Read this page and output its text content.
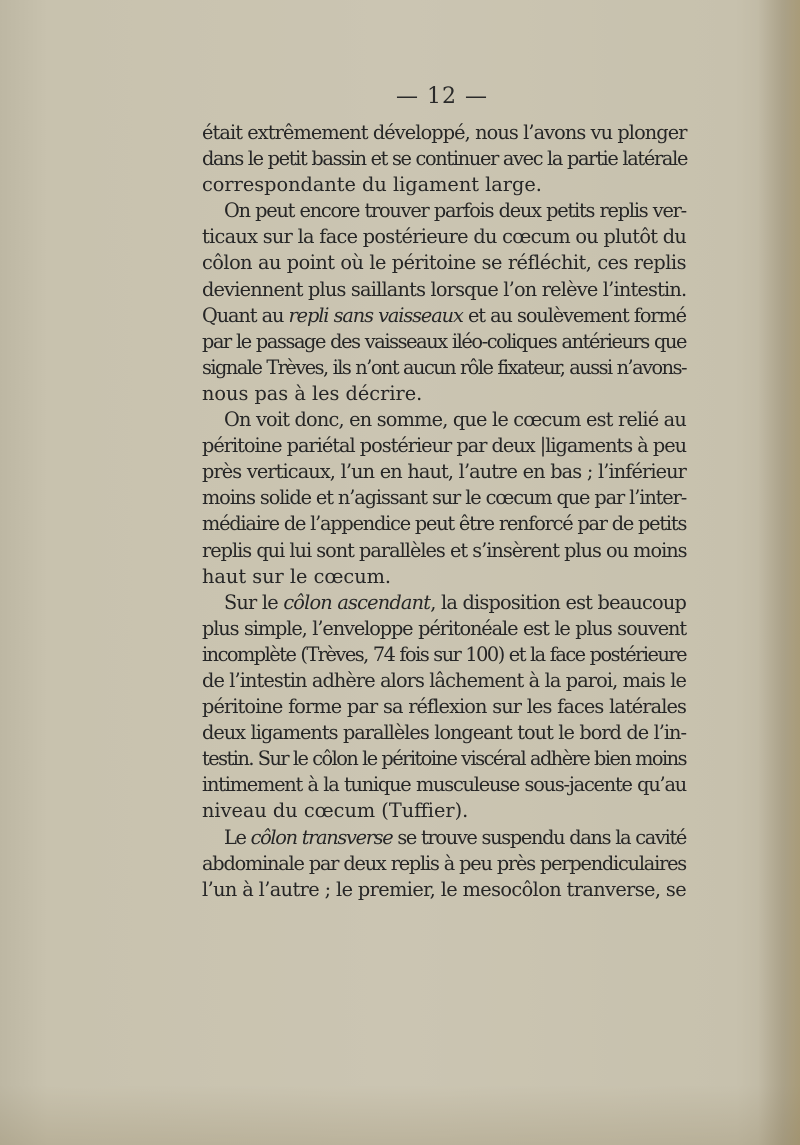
— 12 —
était extrêmement développé, nous l’avons vu plonger
dans le petit bassin et se continuer avec la partie latérale
correspondante du ligament large.
On peut encore trouver parfois deux petits replis ver-
ticaux sur la face postérieure du cœcum ou plutôt du
côlon au point où le péritoine se réfléchit, ces replis
deviennent plus saillants lorsque l’on relève l’intestin.
Quant au repli sans vaisseaux et au soulèvement formé
par le passage des vaisseaux iléo-coliques antérieurs que
signale Trèves, ils n’ont aucun rôle fixateur, aussi n’avons-
nous pas à les décrire.
On voit donc, en somme, que le cœcum est relié au
péritoine pariétal postérieur par deux |ligaments à peu
près verticaux, l’un en haut, l’autre en bas ; l’inférieur
moins solide et n’agissant sur le cœcum que par l’inter-
médiaire de l’appendice peut être renforcé par de petits
replis qui lui sont parallèles et s’insèrent plus ou moins
haut sur le cœcum.
Sur le côlon ascendant, la disposition est beaucoup
plus simple, l’enveloppe péritonéale est le plus souvent
incomplète (Trèves, 74 fois sur 100) et la face postérieure
de l’intestin adhère alors lâchement à la paroi, mais le
péritoine forme par sa réflexion sur les faces latérales
deux ligaments parallèles longeant tout le bord de l’in-
testin. Sur le côlon le péritoine viscéral adhère bien moins
intimement à la tunique musculeuse sous-jacente qu’au
niveau du cœcum (Tuffier).
Le côlon transverse se trouve suspendu dans la cavité
abdominale par deux replis à peu près perpendiculaires
l’un à l’autre ; le premier, le mesocôlon tranverse, se
